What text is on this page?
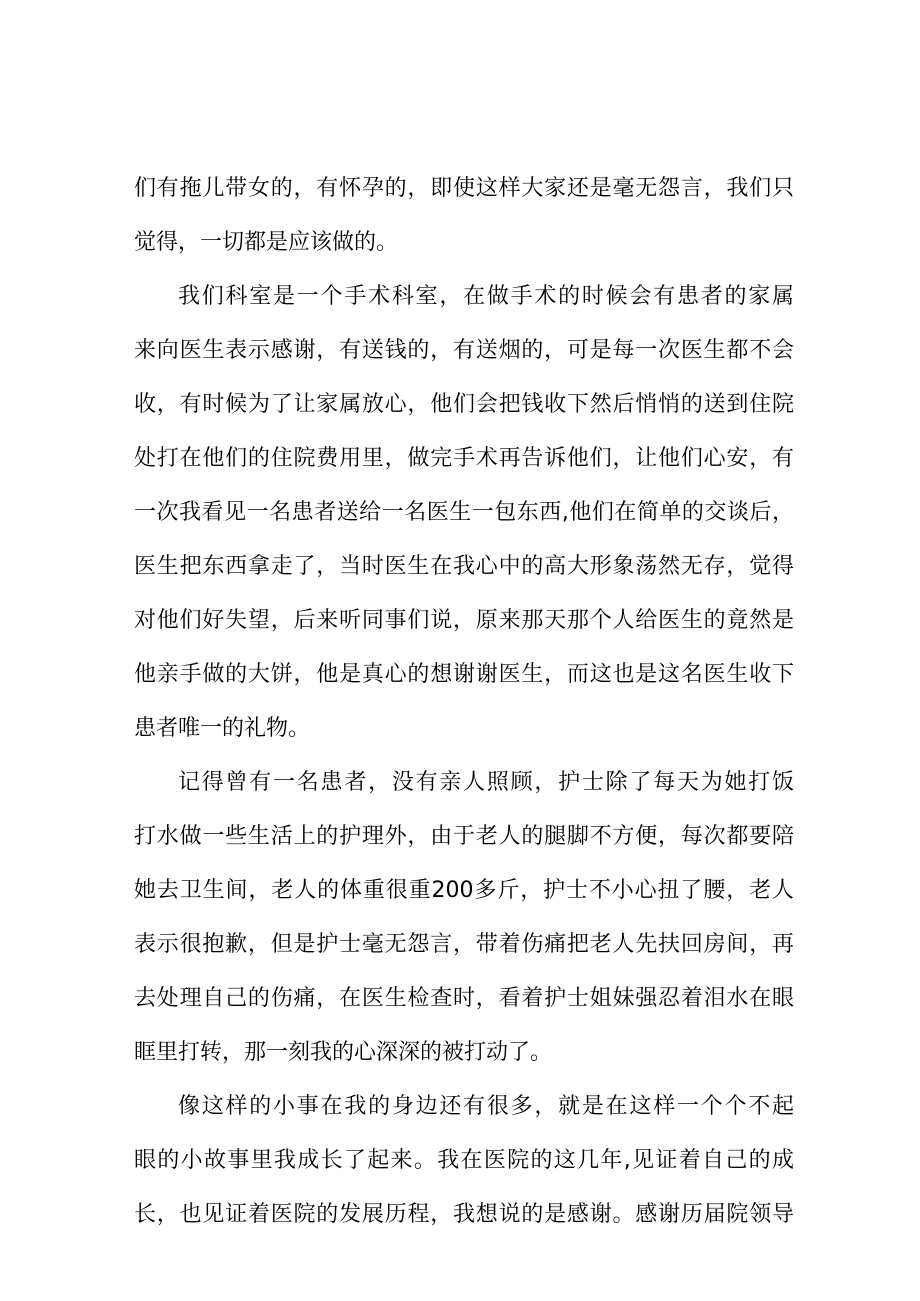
们有拖儿带女的，有怀孕的，即使这样大家还是毫无怨言，我们只
觉得，一切都是应该做的。
我们科室是一个手术科室，在做手术的时候会有患者的家属
来向医生表示感谢，有送钱的，有送烟的，可是每一次医生都不会
收，有时候为了让家属放心，他们会把钱收下然后悄悄的送到住院
处打在他们的住院费用里，做完手术再告诉他们，让他们心安，有
一次我看见一名患者送给一名医生一包东西,他们在简单的交谈后，
医生把东西拿走了，当时医生在我心中的高大形象荡然无存，觉得
对他们好失望，后来听同事们说，原来那天那个人给医生的竟然是
他亲手做的大饼，他是真心的想谢谢医生，而这也是这名医生收下
患者唯一的礼物。
记得曾有一名患者，没有亲人照顾，护士除了每天为她打饭
打水做一些生活上的护理外，由于老人的腿脚不方便，每次都要陪
她去卫生间，老人的体重很重200多斤，护士不小心扭了腰，老人
表示很抱歉，但是护士毫无怨言，带着伤痛把老人先扶回房间，再
去处理自己的伤痛，在医生检查时，看着护士姐妹强忍着泪水在眼
眶里打转，那一刻我的心深深的被打动了。
像这样的小事在我的身边还有很多，就是在这样一个个不起
眼的小故事里我成长了起来。我在医院的这几年,见证着自己的成
长，也见证着医院的发展历程，我想说的是感谢。感谢历届院领导
